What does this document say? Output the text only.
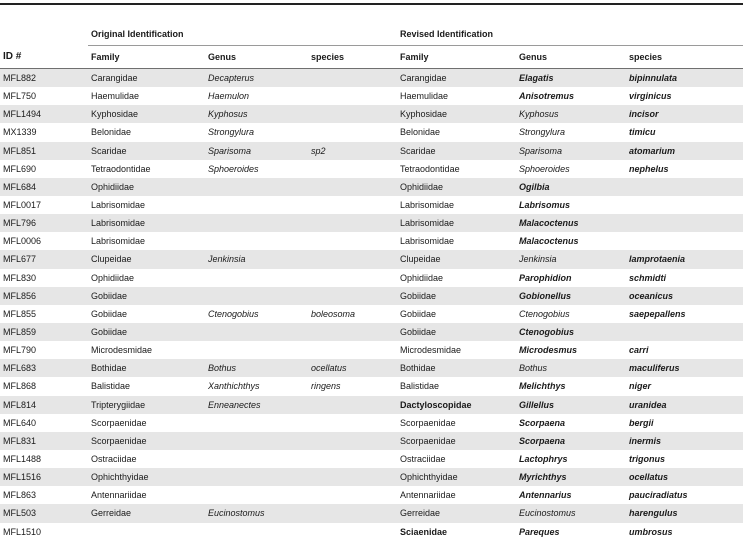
	Original Identification			Revised Identification		
ID #	Family	Genus	species	Family	Genus	species
MFL882	Carangidae	Decapterus		Carangidae	Elagatis	bipinnulata
MFL750	Haemulidae	Haemulon		Haemulidae	Anisotremus	virginicus
MFL1494	Kyphosidae	Kyphosus		Kyphosidae	Kyphosus	incisor
MX1339	Belonidae	Strongylura		Belonidae	Strongylura	timicu
MFL851	Scaridae	Sparisoma	sp2	Scaridae	Sparisoma	atomarium
MFL690	Tetraodontidae	Sphoeroides		Tetraodontidae	Sphoeroides	nephelus
MFL684	Ophidiidae			Ophidiidae	Ogilbia	
MFL0017	Labrisomidae			Labrisomidae	Labrisomus	
MFL796	Labrisomidae			Labrisomidae	Malacoctenus	
MFL0006	Labrisomidae			Labrisomidae	Malacoctenus	
MFL677	Clupeidae	Jenkinsia		Clupeidae	Jenkinsia	lamprotaenia
MFL830	Ophidiidae			Ophidiidae	Parophidion	schmidti
MFL856	Gobiidae			Gobiidae	Gobionellus	oceanicus
MFL855	Gobiidae	Ctenogobius	boleosoma	Gobiidae	Ctenogobius	saepepallens
MFL859	Gobiidae			Gobiidae	Ctenogobius	
MFL790	Microdesmidae			Microdesmidae	Microdesmus	carri
MFL683	Bothidae	Bothus	ocellatus	Bothidae	Bothus	maculiferus
MFL868	Balistidae	Xanthichthys	ringens	Balistidae	Melichthys	niger
MFL814	Tripterygiidae	Enneanectes		Dactyloscopidae	Gillellus	uranidea
MFL640	Scorpaenidae			Scorpaenidae	Scorpaena	bergii
MFL831	Scorpaenidae			Scorpaenidae	Scorpaena	inermis
MFL1488	Ostraciidae			Ostraciidae	Lactophrys	trigonus
MFL1516	Ophichthyidae			Ophichthyidae	Myrichthys	ocellatus
MFL863	Antennariidae			Antennariidae	Antennarius	pauciradiatus
MFL503	Gerreidae	Eucinostomus		Gerreidae	Eucinostomus	harengulus
MFL1510				Sciaenidae	Pareques	umbrosus
